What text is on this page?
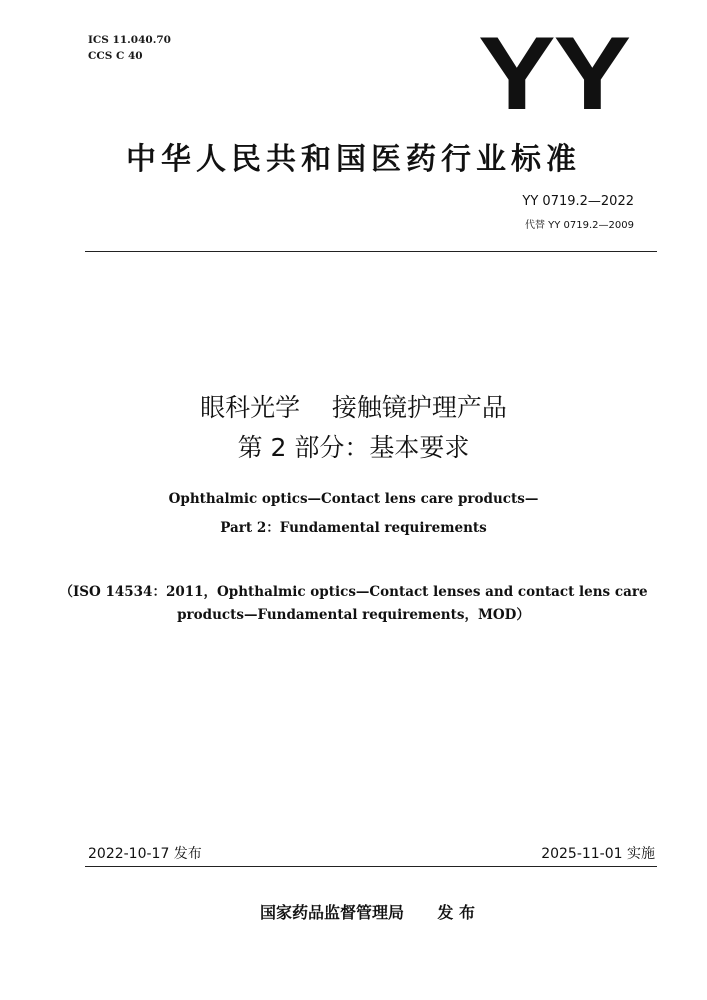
ICS 11.040.70
CCS C 40	YY
中华人民共和国医药行业标准
YY 0719.2—2022
代替 YY 0719.2—2009
眼科光学    接触镜护理产品
第 2 部分：基本要求
Ophthalmic optics—Contact lens care products—
Part 2：Fundamental requirements
（ISO 14534：2011，Ophthalmic optics—Contact lenses and contact lens care
products—Fundamental requirements，MOD）
2022-10-17 发布	2025-11-01 实施
国家药品监督管理局      发 布
